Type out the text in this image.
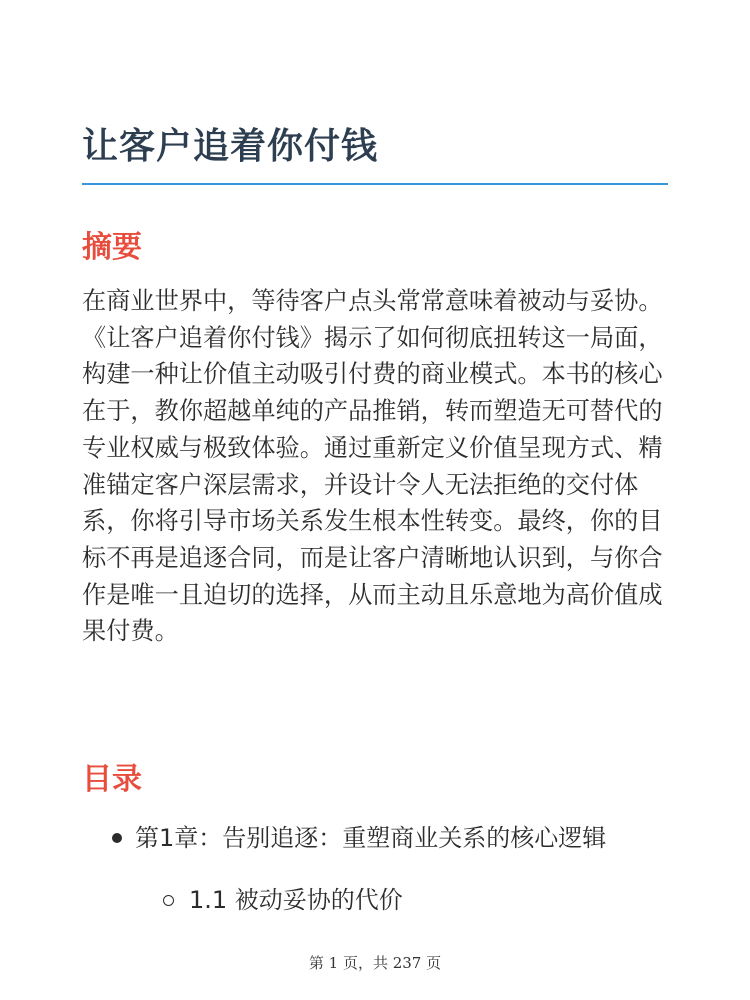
让客户追着你付钱
摘要

在商业世界中，等待客户点头常常意味着被动与妥协。《让客户追着你付钱》揭示了如何彻底扭转这一局面，构建一种让价值主动吸引付费的商业模式。本书的核心在于，教你超越单纯的产品推销，转而塑造无可替代的专业权威与极致体验。通过重新定义价值呈现方式、精准锚定客户深层需求，并设计令人无法拒绝的交付体系，你将引导市场关系发生根本性转变。最终，你的目标不再是追逐合同，而是让客户清晰地认识到，与你合作是唯一且迫切的选择，从而主动且乐意地为高价值成果付费。

目录
第1章：告别追逐：重塑商业关系的核心逻辑
1.1 被动妥协的代价
第 1 页，共 237 页
